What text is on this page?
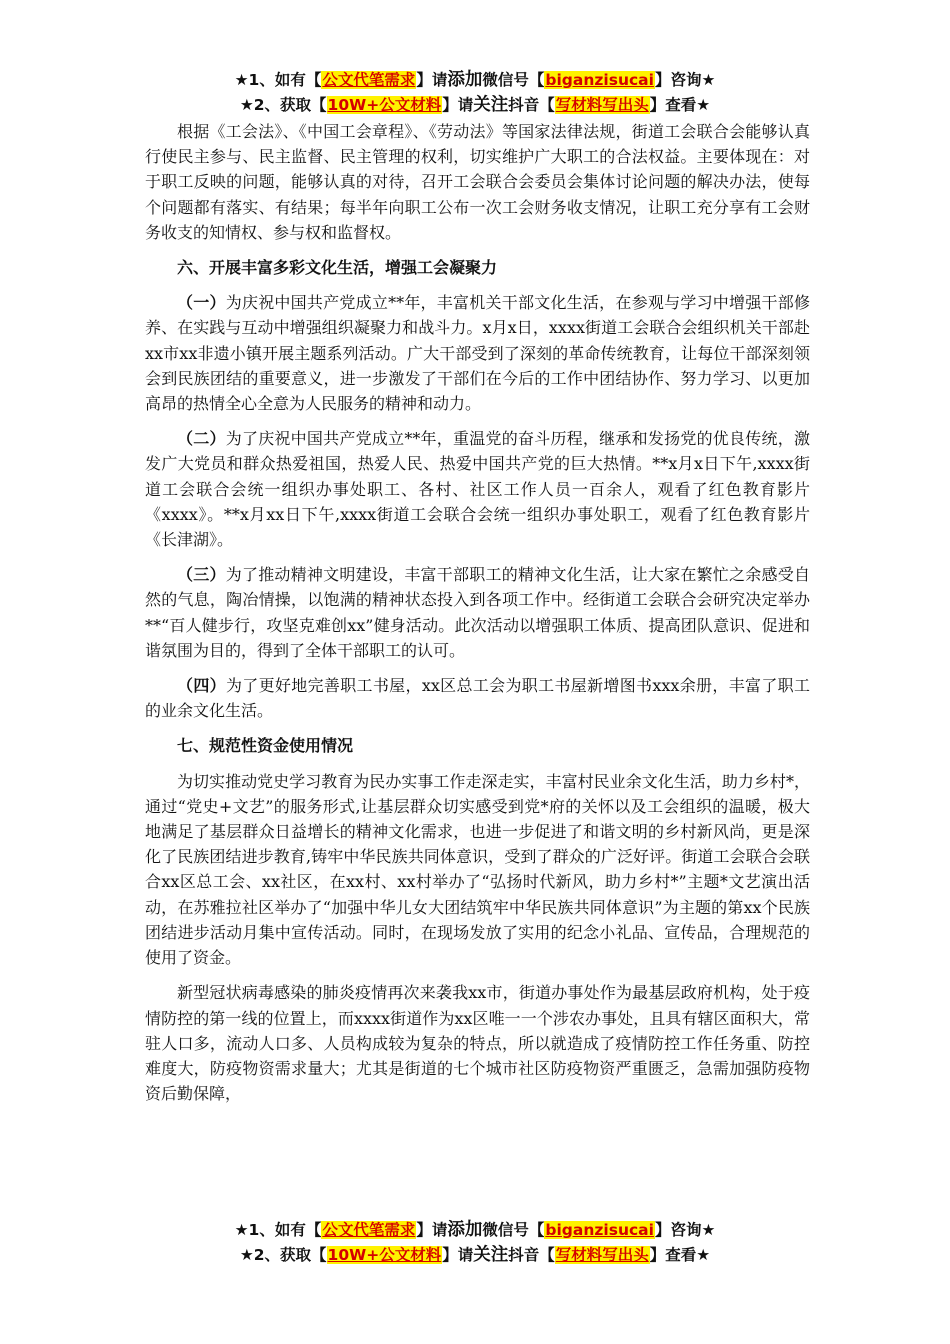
★1、如有【公文代笔需求】请添加微信号【biganzisucai】咨询★
★2、获取【10W+公文材料】请关注抖音【写材料写出头】查看★

根据《工会法》、《中国工会章程》、《劳动法》等国家法律法规，街道工会联合会能够认真行使民主参与、民主监督、民主管理的权利，切实维护广大职工的合法权益。主要体现在：对于职工反映的问题，能够认真的对待，召开工会联合会委员会集体讨论问题的解决办法，使每个问题都有落实、有结果；每半年向职工公布一次工会财务收支情况，让职工充分享有工会财务收支的知情权、参与权和监督权。

六、开展丰富多彩文化生活，增强工会凝聚力

（一）为庆祝中国共产党成立**年，丰富机关干部文化生活，在参观与学习中增强干部修养、在实践与互动中增强组织凝聚力和战斗力。x月x日，xxxx街道工会联合会组织机关干部赴xx市xx非遗小镇开展主题系列活动。广大干部受到了深刻的革命传统教育，让每位干部深刻领会到民族团结的重要意义，进一步激发了干部们在今后的工作中团结协作、努力学习、以更加高昂的热情全心全意为人民服务的精神和动力。

（二）为了庆祝中国共产党成立**年，重温党的奋斗历程，继承和发扬党的优良传统，激发广大党员和群众热爱祖国，热爱人民、热爱中国共产党的巨大热情。**x月x日下午,xxxx街道工会联合会统一组织办事处职工、各村、社区工作人员一百余人，观看了红色教育影片《xxxx》。**x月xx日下午,xxxx街道工会联合会统一组织办事处职工，观看了红色教育影片《长津湖》。

（三）为了推动精神文明建设，丰富干部职工的精神文化生活，让大家在繁忙之余感受自然的气息，陶冶情操，以饱满的精神状态投入到各项工作中。经街道工会联合会研究决定举办**“百人健步行，攻坚克难创xx”健身活动。此次活动以增强职工体质、提高团队意识、促进和谐氛围为目的，得到了全体干部职工的认可。

（四）为了更好地完善职工书屋，xx区总工会为职工书屋新增图书xxx余册，丰富了职工的业余文化生活。

七、规范性资金使用情况

为切实推动党史学习教育为民办实事工作走深走实，丰富村民业余文化生活，助力乡村*，通过“党史+文艺”的服务形式,让基层群众切实感受到党*府的关怀以及工会组织的温暖，极大地满足了基层群众日益增长的精神文化需求，也进一步促进了和谐文明的乡村新风尚，更是深化了民族团结进步教育,铸牢中华民族共同体意识，受到了群众的广泛好评。街道工会联合会联合xx区总工会、xx社区，在xx村、xx村举办了“弘扬时代新风，助力乡村*”主题*文艺演出活动，在苏雅拉社区举办了“加强中华儿女大团结筑牢中华民族共同体意识”为主题的第xx个民族团结进步活动月集中宣传活动。同时，在现场发放了实用的纪念小礼品、宣传品，合理规范的使用了资金。

新型冠状病毒感染的肺炎疫情再次来袭我xx市，街道办事处作为最基层政府机构，处于疫情防控的第一线的位置上，而xxxx街道作为xx区唯一一个涉农办事处，且具有辖区面积大，常驻人口多，流动人口多、人员构成较为复杂的特点，所以就造成了疫情防控工作任务重、防控难度大，防疫物资需求量大；尤其是街道的七个城市社区防疫物资严重匮乏，急需加强防疫物资后勤保障，

★1、如有【公文代笔需求】请添加微信号【biganzisucai】咨询★
★2、获取【10W+公文材料】请关注抖音【写材料写出头】查看★
